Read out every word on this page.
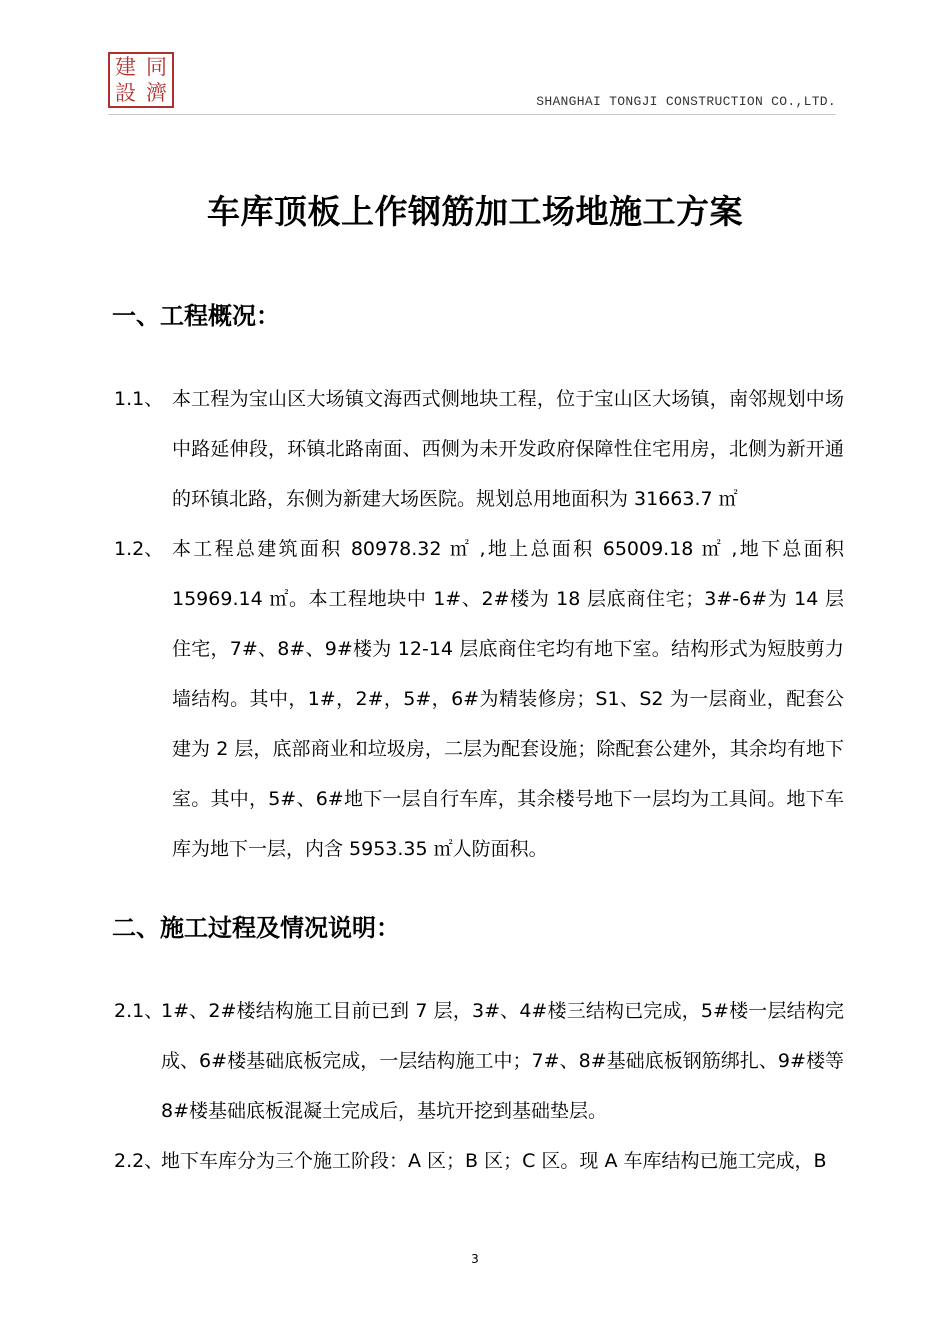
建 同
設 濟	SHANGHAI TONGJI CONSTRUCTION CO.,LTD.
车库顶板上作钢筋加工场地施工方案
一、工程概况：
1.1、 本工程为宝山区大场镇文海西式侧地块工程，位于宝山区大场镇，南邻规划中场中路延伸段，环镇北路南面、西侧为未开发政府保障性住宅用房，北侧为新开通的环镇北路，东侧为新建大场医院。规划总用地面积为 31663.7 ㎡
1.2、 本工程总建筑面积 80978.32 ㎡ ,地上总面积 65009.18 ㎡ ,地下总面积 15969.14 ㎡。本工程地块中 1#、2#楼为 18 层底商住宅；3#-6#为 14 层住宅，7#、8#、9#楼为 12-14 层底商住宅均有地下室。结构形式为短肢剪力墙结构。其中，1#，2#，5#，6#为精装修房；S1、S2 为一层商业，配套公建为 2 层，底部商业和垃圾房，二层为配套设施；除配套公建外，其余均有地下室。其中，5#、6#地下一层自行车库，其余楼号地下一层均为工具间。地下车库为地下一层，内含 5953.35 ㎡人防面积。
二、施工过程及情况说明：
2.1、
1#、2#楼结构施工目前已到 7 层，3#、4#楼三结构已完成，5#楼一层结构完成、6#楼基础底板完成，一层结构施工中；7#、8#基础底板钢筋绑扎、9#楼等 8#楼基础底板混凝土完成后，基坑开挖到基础垫层。
2.2、
地下车库分为三个施工阶段：A 区；B 区；C 区。现 A 车库结构已施工完成，B
3
